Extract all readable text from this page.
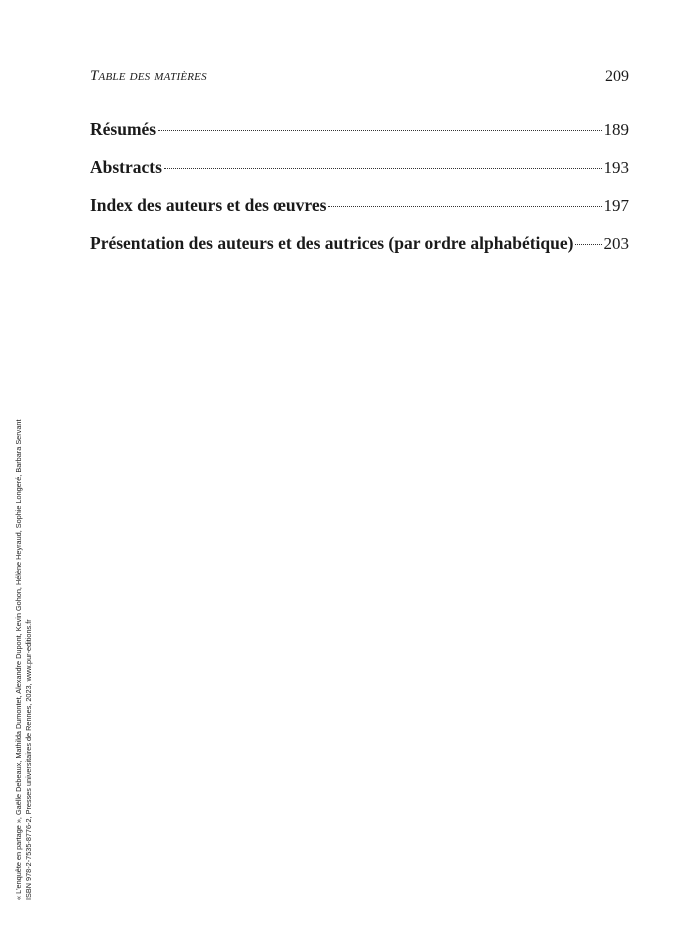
Table des matières	209
Résumés	189
Abstracts	193
Index des auteurs et des œuvres	197
Présentation des auteurs et des autrices (par ordre alphabétique) 203
« L'enquête en partage », Gaëlle Debeaux, Mathilda Dumontet, Alexandre Dupont, Kevin Gohon, Hélène Heyraud, Sophie Longeré, Barbara Servant ISBN 978-2-7535-8776-2, Presses universitaires de Rennes, 2023, www.pur-editions.fr
